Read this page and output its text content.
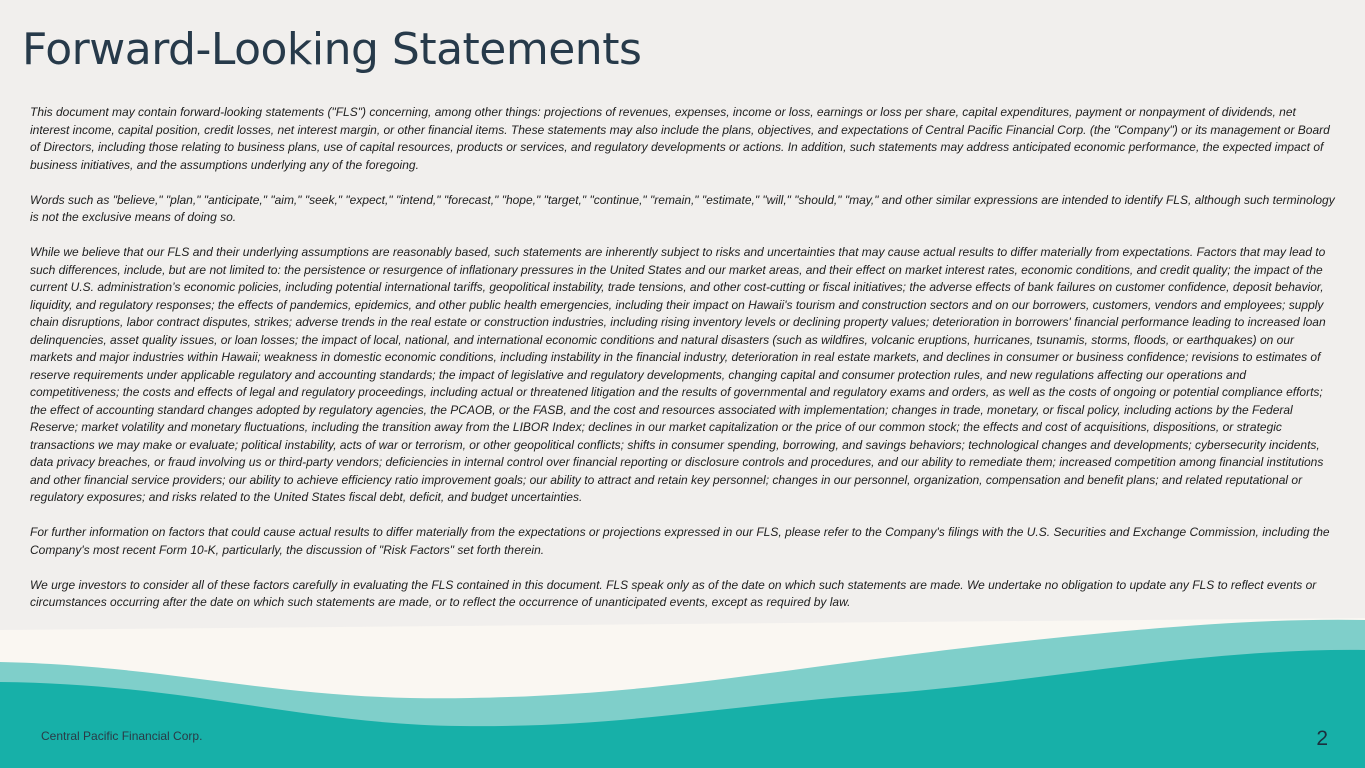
Forward-Looking Statements

This document may contain forward-looking statements ("FLS") concerning, among other things: projections of revenues, expenses, income or loss, earnings or loss per share, capital expenditures, payment or nonpayment of dividends, net interest income, capital position, credit losses, net interest margin, or other financial items. These statements may also include the plans, objectives, and expectations of Central Pacific Financial Corp. (the "Company") or its management or Board of Directors, including those relating to business plans, use of capital resources, products or services, and regulatory developments or actions. In addition, such statements may address anticipated economic performance, the expected impact of business initiatives, and the assumptions underlying any of the foregoing.

Words such as "believe," "plan," "anticipate," "aim," "seek," "expect," "intend," "forecast," "hope," "target," "continue," "remain," "estimate," "will," "should," "may," and other similar expressions are intended to identify FLS, although such terminology is not the exclusive means of doing so.

While we believe that our FLS and their underlying assumptions are reasonably based, such statements are inherently subject to risks and uncertainties that may cause actual results to differ materially from expectations. Factors that may lead to such differences, include, but are not limited to: the persistence or resurgence of inflationary pressures in the United States and our market areas, and their effect on market interest rates, economic conditions, and credit quality; the impact of the current U.S. administration’s economic policies, including potential international tariffs, geopolitical instability, trade tensions, and other cost-cutting or fiscal initiatives; the adverse effects of bank failures on customer confidence, deposit behavior, liquidity, and regulatory responses; the effects of pandemics, epidemics, and other public health emergencies, including their impact on Hawaii's tourism and construction sectors and on our borrowers, customers, vendors and employees; supply chain disruptions, labor contract disputes, strikes; adverse trends in the real estate or construction industries, including rising inventory levels or declining property values; deterioration in borrowers' financial performance leading to increased loan delinquencies, asset quality issues, or loan losses; the impact of local, national, and international economic conditions and natural disasters (such as wildfires, volcanic eruptions, hurricanes, tsunamis, storms, floods, or earthquakes) on our markets and major industries within Hawaii; weakness in domestic economic conditions, including instability in the financial industry, deterioration in real estate markets, and declines in consumer or business confidence; revisions to estimates of reserve requirements under applicable regulatory and accounting standards; the impact of legislative and regulatory developments, changing capital and consumer protection rules, and new regulations affecting our operations and competitiveness; the costs and effects of legal and regulatory proceedings, including actual or threatened litigation and the results of governmental and regulatory exams and orders, as well as the costs of ongoing or potential compliance efforts; the effect of accounting standard changes adopted by regulatory agencies, the PCAOB, or the FASB, and the cost and resources associated with implementation; changes in trade, monetary, or fiscal policy, including actions by the Federal Reserve; market volatility and monetary fluctuations, including the transition away from the LIBOR Index; declines in our market capitalization or the price of our common stock; the effects and cost of acquisitions, dispositions, or strategic transactions we may make or evaluate; political instability, acts of war or terrorism, or other geopolitical conflicts; shifts in consumer spending, borrowing, and savings behaviors; technological changes and developments; cybersecurity incidents, data privacy breaches, or fraud involving us or third-party vendors; deficiencies in internal control over financial reporting or disclosure controls and procedures, and our ability to remediate them; increased competition among financial institutions and other financial service providers; our ability to achieve efficiency ratio improvement goals; our ability to attract and retain key personnel; changes in our personnel, organization, compensation and benefit plans; and related reputational or regulatory exposures; and risks related to the United States fiscal debt, deficit, and budget uncertainties.

For further information on factors that could cause actual results to differ materially from the expectations or projections expressed in our FLS, please refer to the Company's filings with the U.S. Securities and Exchange Commission, including the Company's most recent Form 10-K, particularly, the discussion of "Risk Factors" set forth therein.

We urge investors to consider all of these factors carefully in evaluating the FLS contained in this document. FLS speak only as of the date on which such statements are made. We undertake no obligation to update any FLS to reflect events or circumstances occurring after the date on which such statements are made, or to reflect the occurrence of unanticipated events, except as required by law.

Central Pacific Financial Corp.	2
